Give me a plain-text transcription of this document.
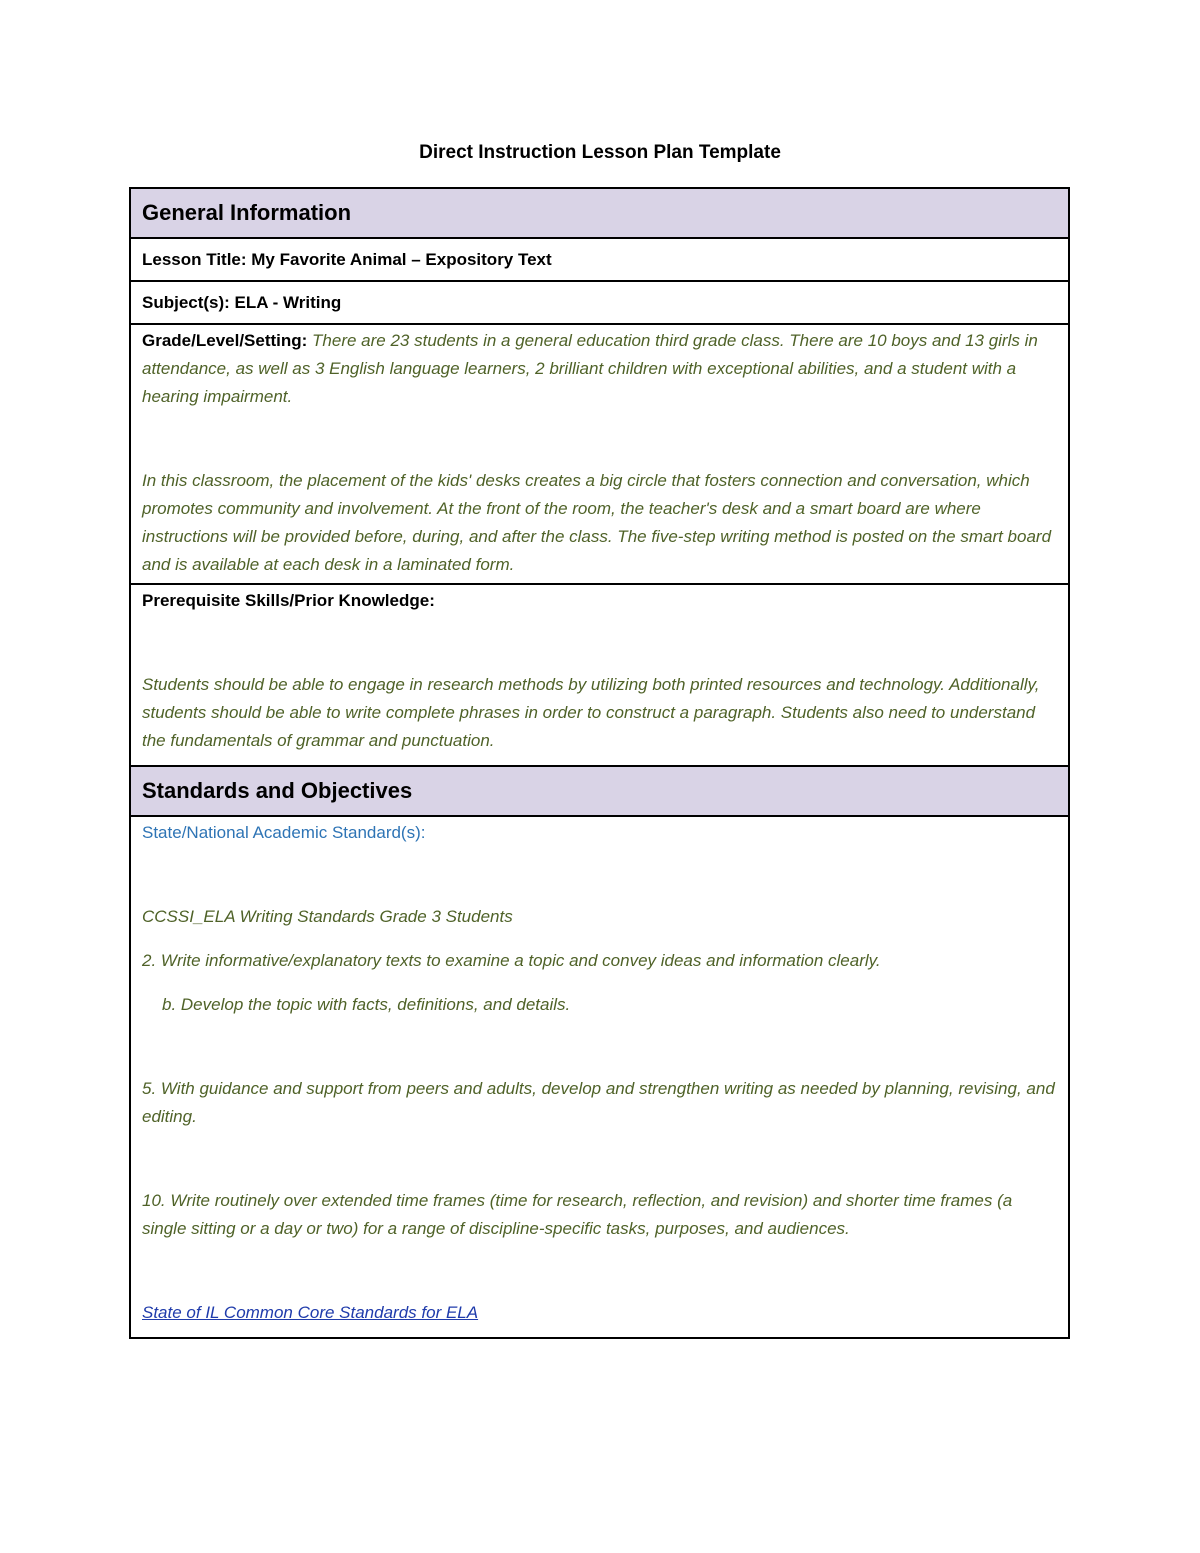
Direct Instruction Lesson Plan Template
General Information
Lesson Title: My Favorite Animal – Expository Text
Subject(s): ELA - Writing

Grade/Level/Setting: There are 23 students in a general education third grade class. There are 10 boys and 13 girls in attendance, as well as 3 English language learners, 2 brilliant children with exceptional abilities, and a student with a hearing impairment.

In this classroom, the placement of the kids' desks creates a big circle that fosters connection and conversation, which promotes community and involvement. At the front of the room, the teacher's desk and a smart board are where instructions will be provided before, during, and after the class. The five-step writing method is posted on the smart board and is available at each desk in a laminated form.

Prerequisite Skills/Prior Knowledge:

Students should be able to engage in research methods by utilizing both printed resources and technology. Additionally, students should be able to write complete phrases in order to construct a paragraph. Students also need to understand the fundamentals of grammar and punctuation.

Standards and Objectives

State/National Academic Standard(s):

CCSSI_ELA Writing Standards Grade 3 Students

2. Write informative/explanatory texts to examine a topic and convey ideas and information clearly.

b. Develop the topic with facts, definitions, and details.

5. With guidance and support from peers and adults, develop and strengthen writing as needed by planning, revising, and editing.

10. Write routinely over extended time frames (time for research, reflection, and revision) and shorter time frames (a single sitting or a day or two) for a range of discipline-specific tasks, purposes, and audiences.

State of IL Common Core Standards for ELA
